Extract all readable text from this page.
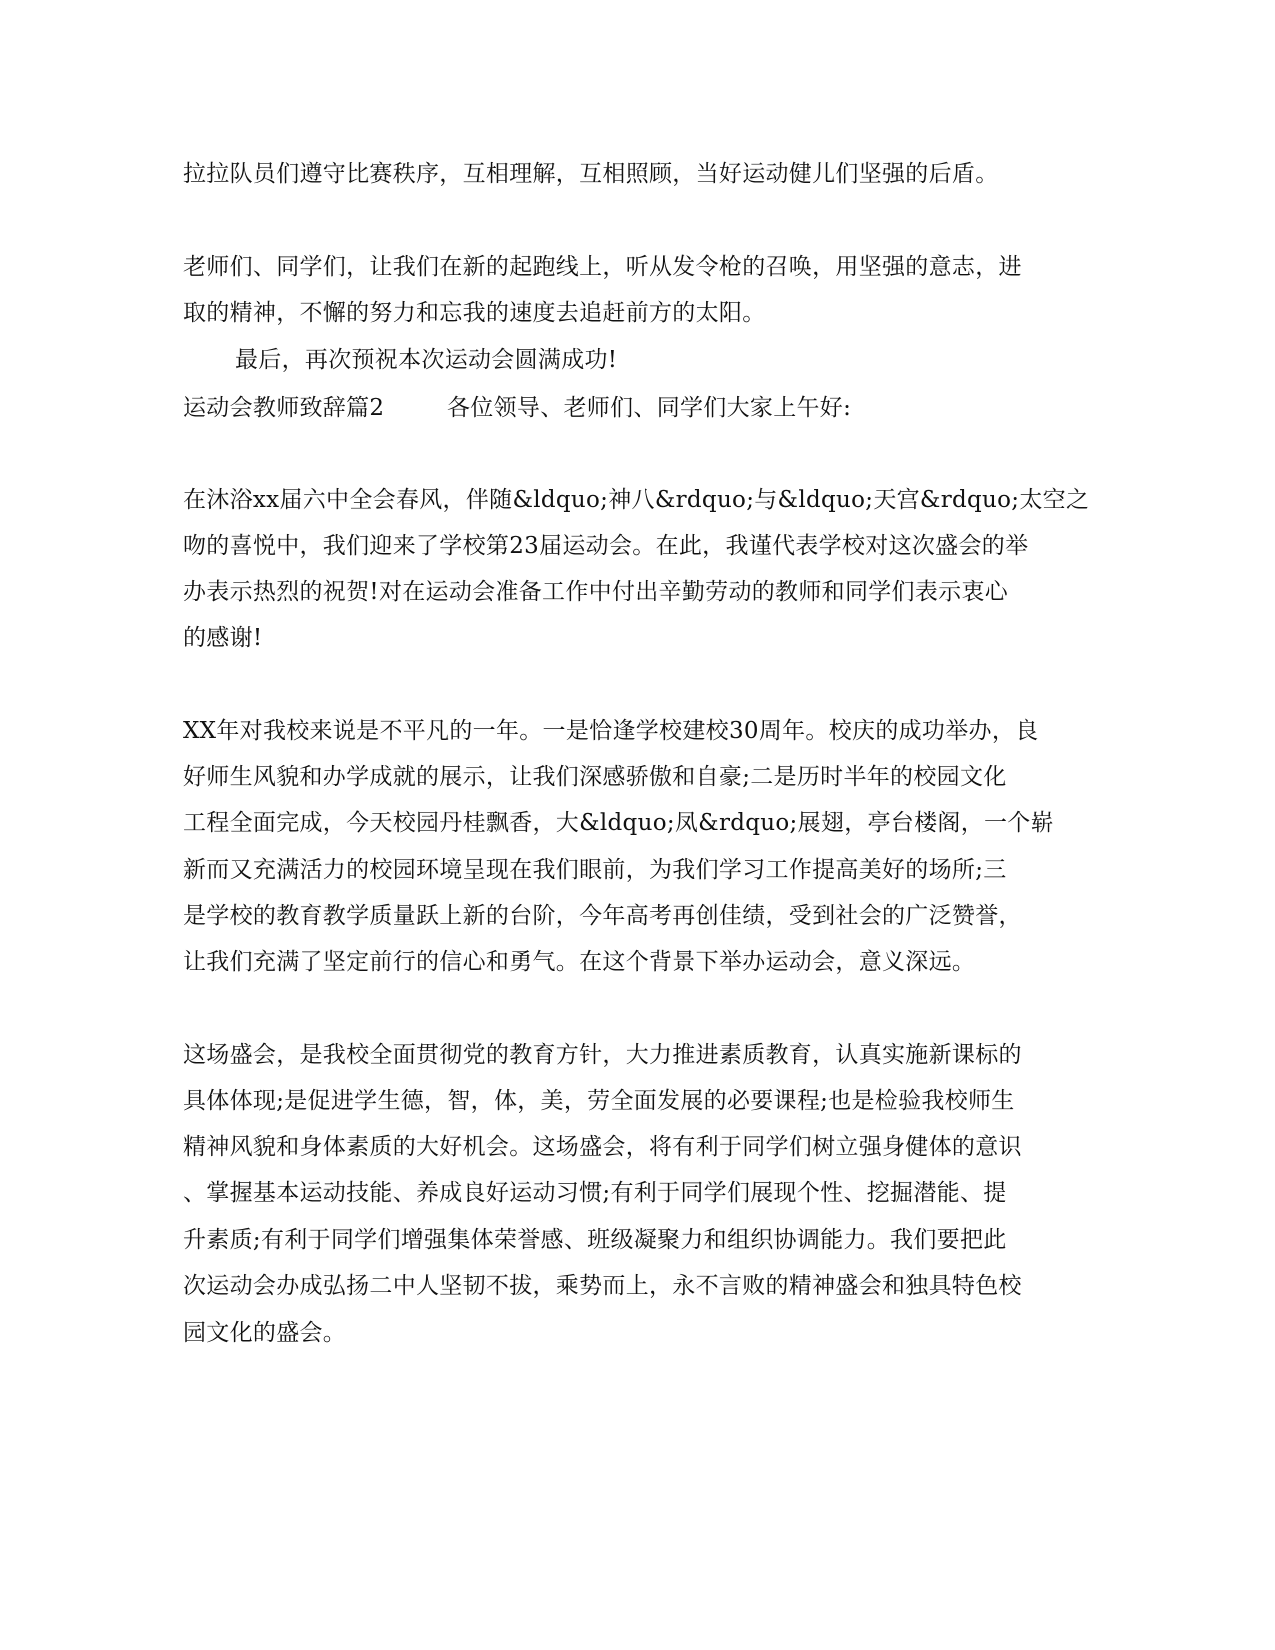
拉拉队员们遵守比赛秩序，互相理解，互相照顾，当好运动健儿们坚强的后盾。
老师们、同学们，让我们在新的起跑线上，听从发令枪的召唤，用坚强的意志，进
取的精神，不懈的努力和忘我的速度去追赶前方的太阳。
最后，再次预祝本次运动会圆满成功!
运动会教师致辞篇2	各位领导、老师们、同学们大家上午好:
在沐浴xx届六中全会春风，伴随&ldquo;神八&rdquo;与&ldquo;天宫&rdquo;太空之
吻的喜悦中，我们迎来了学校第23届运动会。在此，我谨代表学校对这次盛会的举
办表示热烈的祝贺!对在运动会准备工作中付出辛勤劳动的教师和同学们表示衷心
的感谢!
XX年对我校来说是不平凡的一年。一是恰逢学校建校30周年。校庆的成功举办，良
好师生风貌和办学成就的展示，让我们深感骄傲和自豪;二是历时半年的校园文化
工程全面完成，今天校园丹桂飘香，大&ldquo;凤&rdquo;展翅，亭台楼阁，一个崭
新而又充满活力的校园环境呈现在我们眼前，为我们学习工作提高美好的场所;三
是学校的教育教学质量跃上新的台阶，今年高考再创佳绩，受到社会的广泛赞誉，
让我们充满了坚定前行的信心和勇气。在这个背景下举办运动会，意义深远。
这场盛会，是我校全面贯彻党的教育方针，大力推进素质教育，认真实施新课标的
具体体现;是促进学生德，智，体，美，劳全面发展的必要课程;也是检验我校师生
精神风貌和身体素质的大好机会。这场盛会，将有利于同学们树立强身健体的意识
、掌握基本运动技能、养成良好运动习惯;有利于同学们展现个性、挖掘潜能、提
升素质;有利于同学们增强集体荣誉感、班级凝聚力和组织协调能力。我们要把此
次运动会办成弘扬二中人坚韧不拔，乘势而上，永不言败的精神盛会和独具特色校
园文化的盛会。
